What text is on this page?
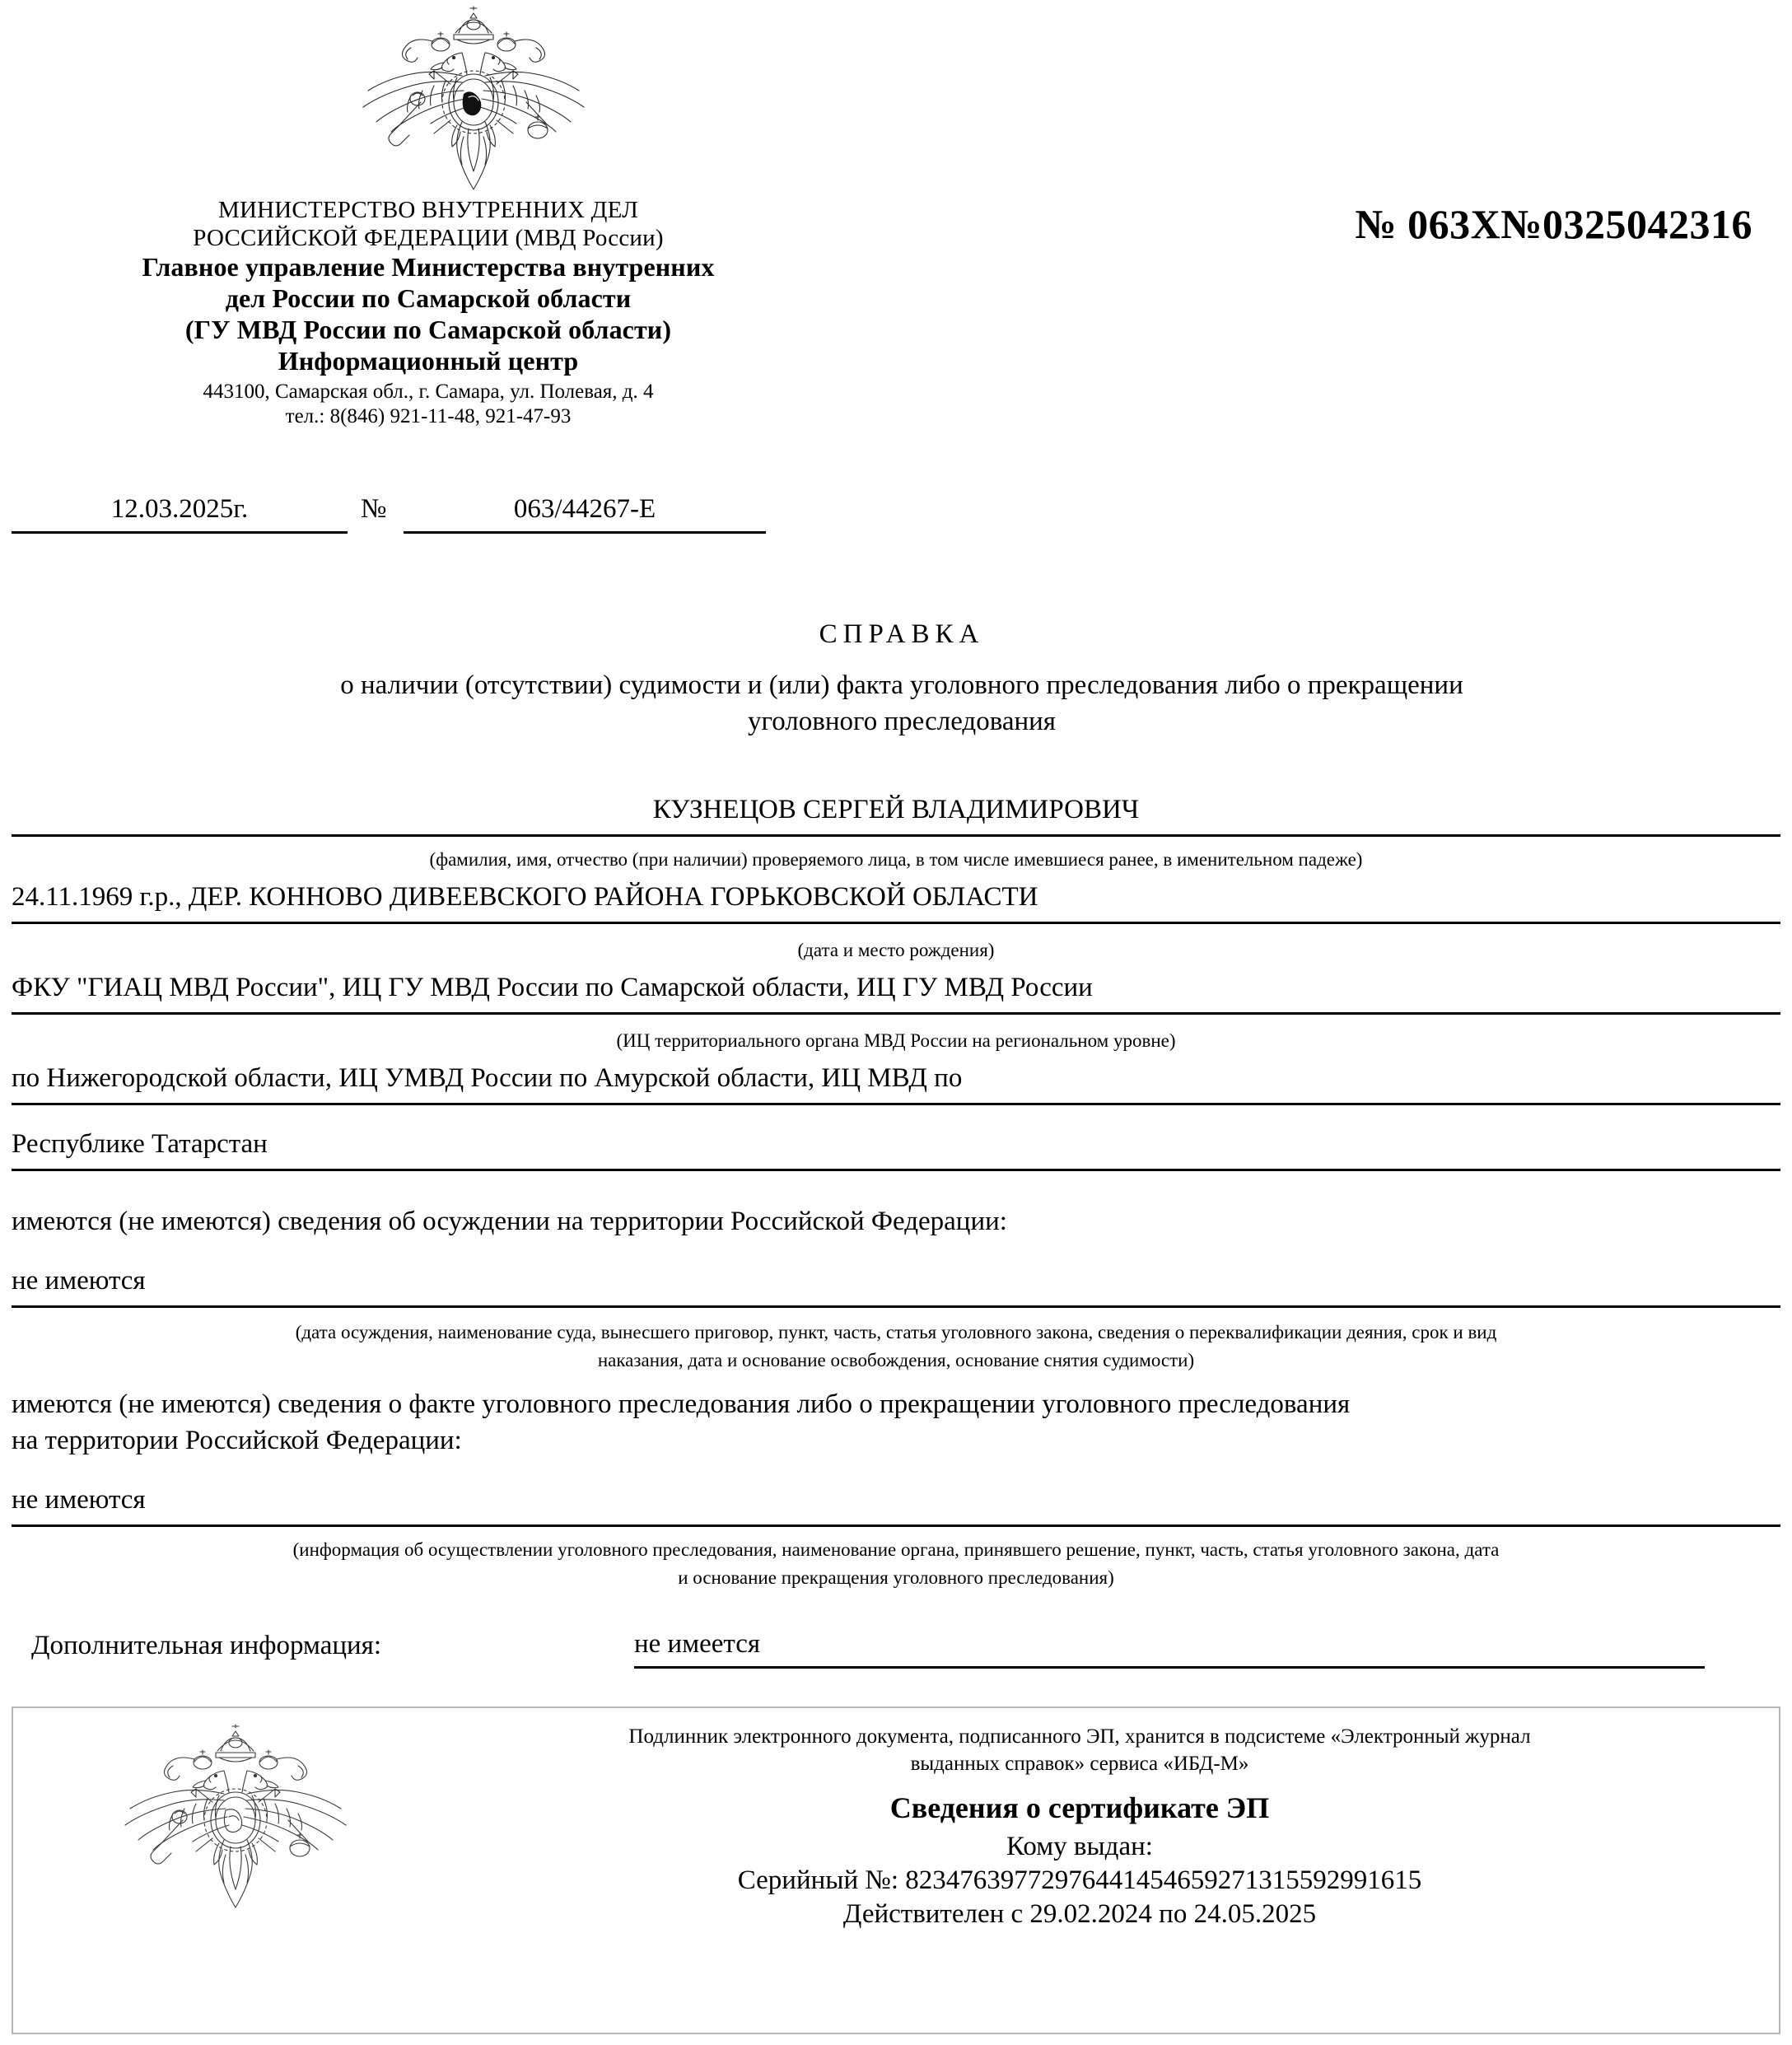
МИНИСТЕРСТВО ВНУТРЕННИХ ДЕЛ
РОССИЙСКОЙ ФЕДЕРАЦИИ (МВД России)
Главное управление Министерства внутренних
дел России по Самарской области
(ГУ МВД России по Самарской области)
Информационный центр
443100, Самарская обл., г. Самара, ул. Полевая, д. 4
тел.: 8(846) 921-11-48, 921-47-93
№ 063Х№0325042316
12.03.2025г.	№	063/44267-Е
СПРАВКА
о наличии (отсутствии) судимости и (или) факта уголовного преследования либо о прекращении
уголовного преследования
КУЗНЕЦОВ СЕРГЕЙ ВЛАДИМИРОВИЧ
(фамилия, имя, отчество (при наличии) проверяемого лица, в том числе имевшиеся ранее, в именительном падеже)
24.11.1969 г.р., ДЕР. КОННОВО ДИВЕЕВСКОГО РАЙОНА ГОРЬКОВСКОЙ ОБЛАСТИ
(дата и место рождения)
ФКУ "ГИАЦ МВД России", ИЦ ГУ МВД России по Самарской области, ИЦ ГУ МВД России
(ИЦ территориального органа МВД России на региональном уровне)
по Нижегородской области, ИЦ УМВД России по Амурской области, ИЦ МВД по
Республике Татарстан
имеются (не имеются) сведения об осуждении на территории Российской Федерации:
не имеются
(дата осуждения, наименование суда, вынесшего приговор, пункт, часть, статья уголовного закона, сведения о переквалификации деяния, срок и вид
наказания, дата и основание освобождения, основание снятия судимости)
имеются (не имеются) сведения о факте уголовного преследования либо о прекращении уголовного преследования
на территории Российской Федерации:
не имеются
(информация об осуществлении уголовного преследования, наименование органа, принявшего решение, пункт, часть, статья уголовного закона, дата
и основание прекращения уголовного преследования)
Дополнительная информация:	не имеется
Подлинник электронного документа, подписанного ЭП, хранится в подсистеме «Электронный журнал
выданных справок» сервиса «ИБД-М»
Сведения о сертификате ЭП
Кому выдан:
Серийный №: 82347639772976441454659271315592991615
Действителен с 29.02.2024 по 24.05.2025
